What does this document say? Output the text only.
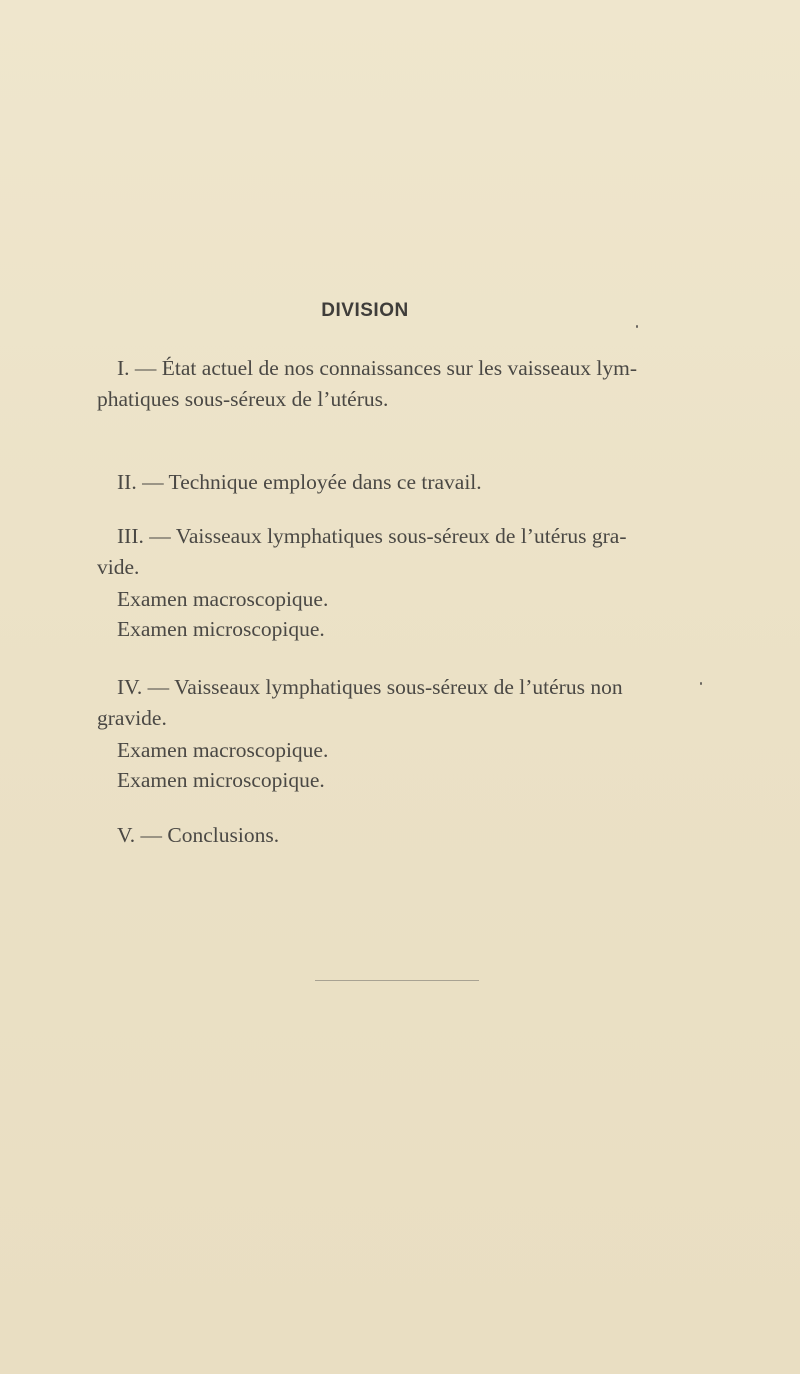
DIVISION
I. — État actuel de nos connaissances sur les vaisseaux lym-
phatiques sous-séreux de l’utérus.
II. — Technique employée dans ce travail.
III. — Vaisseaux lymphatiques sous-séreux de l’utérus gra-
vide.
Examen macroscopique.
Examen microscopique.
IV. — Vaisseaux lymphatiques sous-séreux de l’utérus non
gravide.
Examen macroscopique.
Examen microscopique.
V. — Conclusions.
